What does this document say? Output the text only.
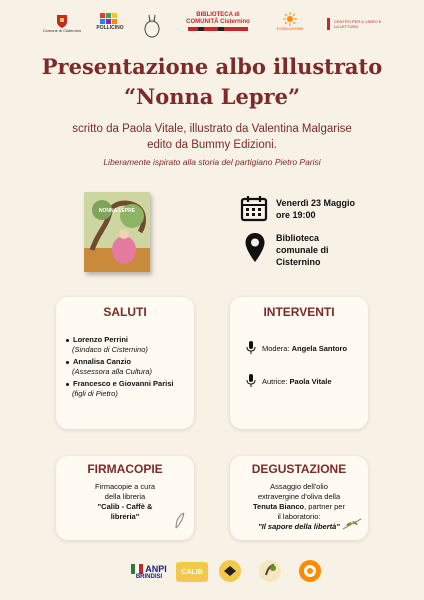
Comune di Cisternino	POLLICINO
BIBLIOTECA di COMUNITÀ Cisternino
FONDAZIONE
CENTRO PER IL LIBRO E LA LETTURA
Presentazione albo illustrato
“Nonna Lepre”
scritto da Paola Vitale, illustrato da Valentina Malgarise
edito da Bummy Edizioni.
Liberamente ispirato alla storia del partigiano Pietro Parisi
NONNA LEPRE
Venerdì 23 Maggio
ore 19:00
Biblioteca
comunale di
Cisternino
SALUTI
Lorenzo Perrini
(Sindaco di Cisternino)
Annalisa Canzio
(Assessora alla Cultura)
Francesco e Giovanni Parisi
(figli di Pietro)
INTERVENTI
Modera:
Angela Santoro
Autrice:
Paola Vitale
FIRMACOPIE
Firmacopie a cura
della libreria
"Calib - Caffè &
libreria"
DEGUSTAZIONE
Assaggio dell'olio
extravergine d'oliva della
Tenuta Bianco, partner per
il laboratorio:
"Il sapore della libertà"
ANPI
BRINDISI
CALIB
